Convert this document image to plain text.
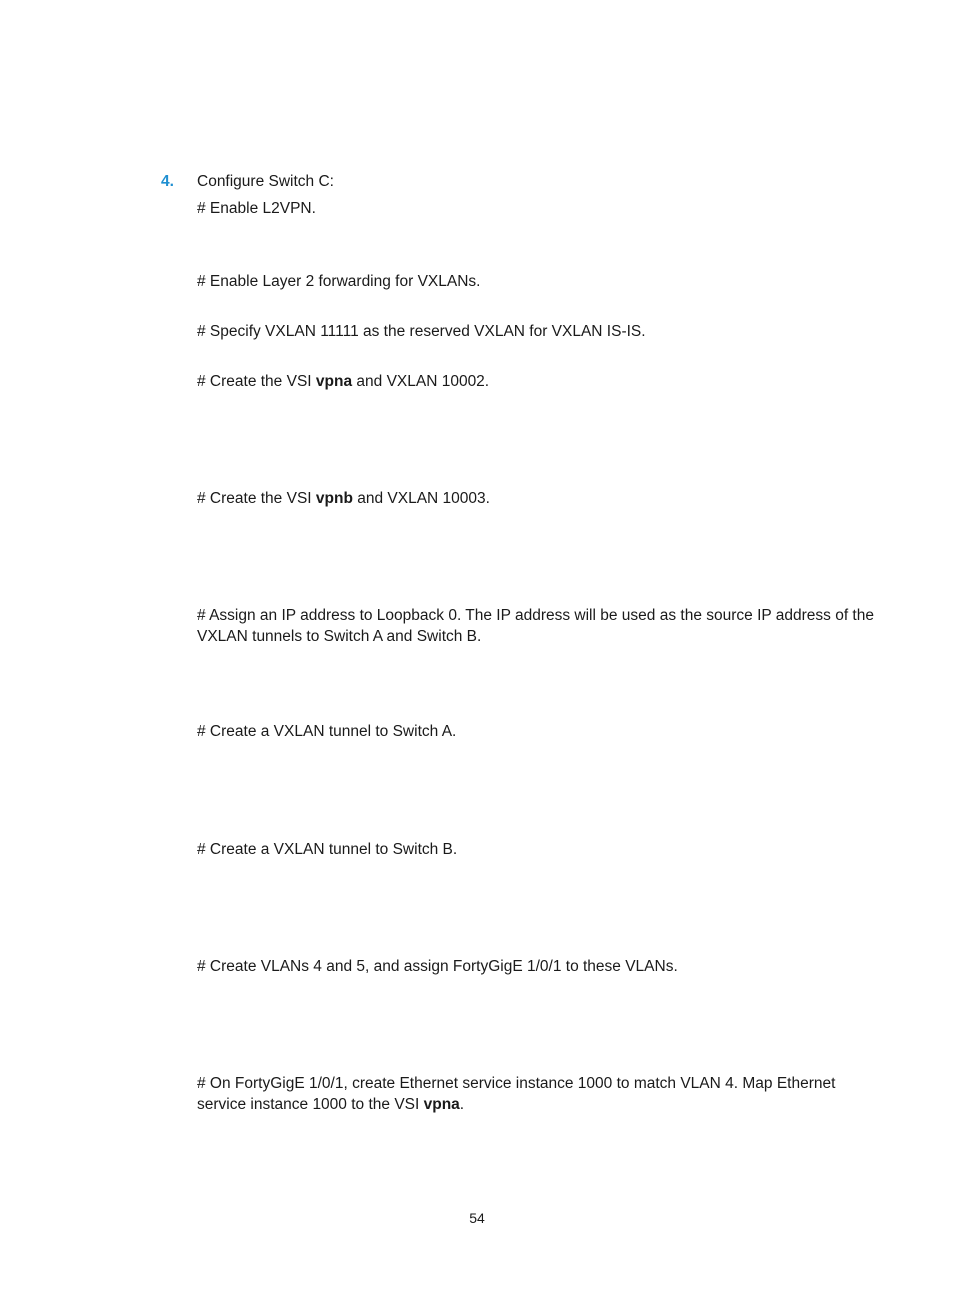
4. Configure Switch C:
# Enable L2VPN.
# Enable Layer 2 forwarding for VXLANs.
# Specify VXLAN 11111 as the reserved VXLAN for VXLAN IS-IS.
# Create the VSI vpna and VXLAN 10002.
# Create the VSI vpnb and VXLAN 10003.
# Assign an IP address to Loopback 0. The IP address will be used as the source IP address of the VXLAN tunnels to Switch A and Switch B.
# Create a VXLAN tunnel to Switch A.
# Create a VXLAN tunnel to Switch B.
# Create VLANs 4 and 5, and assign FortyGigE 1/0/1 to these VLANs.
# On FortyGigE 1/0/1, create Ethernet service instance 1000 to match VLAN 4. Map Ethernet service instance 1000 to the VSI vpna.
54
